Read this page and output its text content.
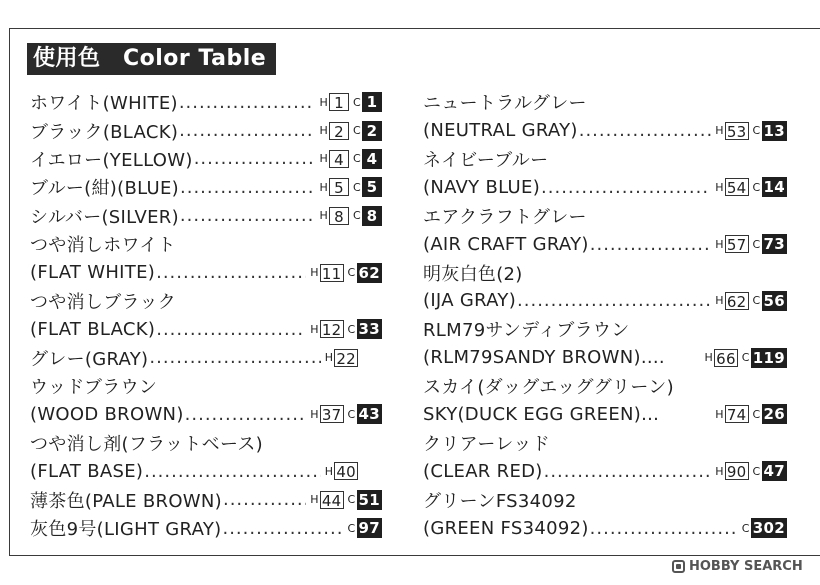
使用色　Color Table
ホワイト(WHITE) .....	H 1 C 1
ブラック(BLACK) .....	H 2 C 2
イエロー(YELLOW) .....	H 4 C 4
ブルー(紺)(BLUE) .....	H 5 C 5
シルバー(SILVER) .....	H 8 C 8
つや消しホワイト
(FLAT WHITE) .....	H 11 C 62
つや消しブラック
(FLAT BLACK) .....	H 12 C 33
グレー(GRAY) .....	H 22
ウッドブラウン
(WOOD BROWN) .....	H 37 C 43
つや消し剤(フラットベース)
(FLAT BASE) .....	H 40
薄茶色(PALE BROWN) .....	H 44 C 51
灰色9号(LIGHT GRAY) .....	C 97
ニュートラルグレー
(NEUTRAL GRAY) .....	H 53 C 13
ネイビーブルー
(NAVY BLUE) .....	H 54 C 14
エアクラフトグレー
(AIR CRAFT GRAY) .....	H 57 C 73
明灰白色(2)
(IJA GRAY) .....	H 62 C 56
RLM79サンディブラウン
(RLM79SANDY BROWN)....	H 66 C 119
スカイ(ダッグエッググリーン)
SKY(DUCK EGG GREEN)...	H 74 C 26
クリアーレッド
(CLEAR RED) .....	H 90 C 47
グリーンFS34092
(GREEN FS34092) .....	C 302
HOBBY SEARCH
